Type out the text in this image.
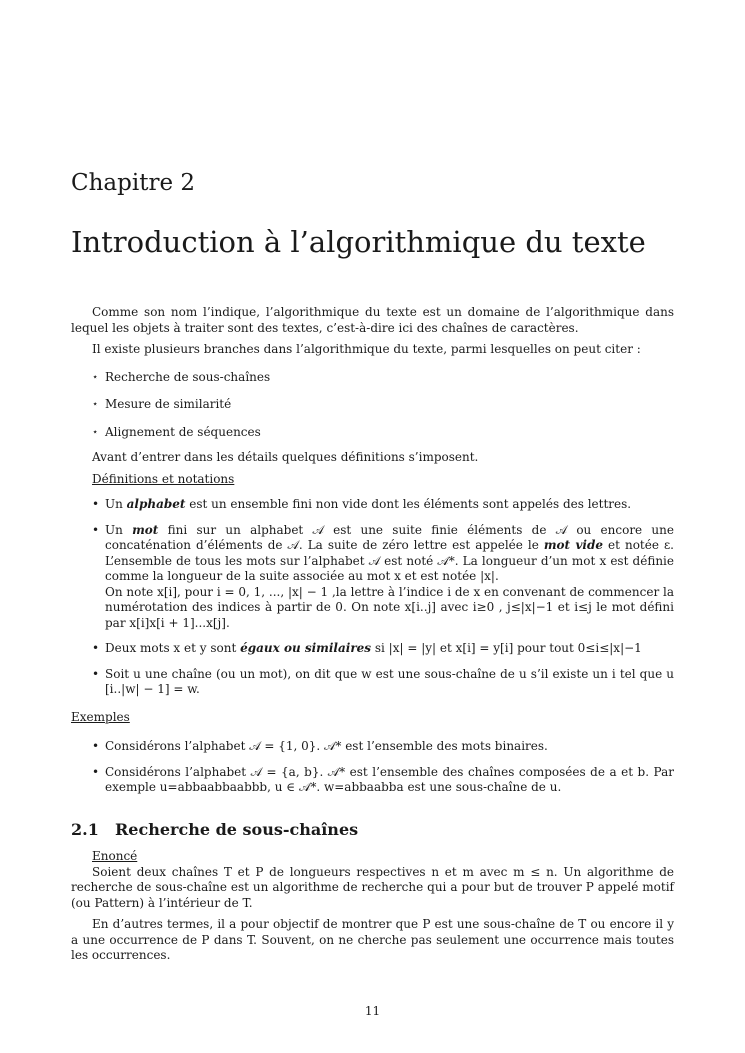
Chapitre 2
Introduction à l’algorithmique du texte

Comme son nom l’indique, l’algorithmique du texte est un domaine de l’algorithmique dans lequel les objets à traiter sont des textes, c’est-à-dire ici des chaînes de caractères.

Il existe plusieurs branches dans l’algorithmique du texte, parmi lesquelles on peut citer :

⋆ Recherche de sous-chaînes
⋆ Mesure de similarité
⋆ Alignement de séquences

Avant d’entrer dans les détails quelques définitions s’imposent.

Définitions et notations

• Un alphabet est un ensemble fini non vide dont les éléments sont appelés des lettres.
• Un mot fini sur un alphabet 𝒜 est une suite finie éléments de 𝒜 ou encore une concaténation d’éléments de 𝒜. La suite de zéro lettre est appelée le mot vide et notée ε. L’ensemble de tous les mots sur l’alphabet 𝒜 est noté 𝒜*. La longueur d’un mot x est définie comme la longueur de la suite associée au mot x et est notée |x|.
On note x[i], pour i = 0, 1, ..., |x| − 1 ,la lettre à l’indice i de x en convenant de commencer la numérotation des indices à partir de 0. On note x[i..j] avec i≥0 , j≤|x|−1 et i≤j le mot défini par x[i]x[i + 1]...x[j].
• Deux mots x et y sont égaux ou similaires si |x| = |y| et x[i] = y[i] pour tout 0≤i≤|x|−1
• Soit u une chaîne (ou un mot), on dit que w est une sous-chaîne de u s’il existe un i tel que u [i..|w| − 1] = w.

Exemples

• Considérons l’alphabet 𝒜 = {1, 0}. 𝒜* est l’ensemble des mots binaires.
• Considérons l’alphabet 𝒜 = {a, b}. 𝒜* est l’ensemble des chaînes composées de a et b. Par exemple u=abbaabbaabbb, u ∈ 𝒜*. w=abbaabba est une sous-chaîne de u.
2.1 Recherche de sous-chaînes

Enoncé

Soient deux chaînes T et P de longueurs respectives n et m avec m ≤ n. Un algorithme de recherche de sous-chaîne est un algorithme de recherche qui a pour but de trouver P appelé motif (ou Pattern) à l’intérieur de T.

En d’autres termes, il a pour objectif de montrer que P est une sous-chaîne de T ou encore il y a une occurrence de P dans T. Souvent, on ne cherche pas seulement une occurrence mais toutes les occurrences.

11
